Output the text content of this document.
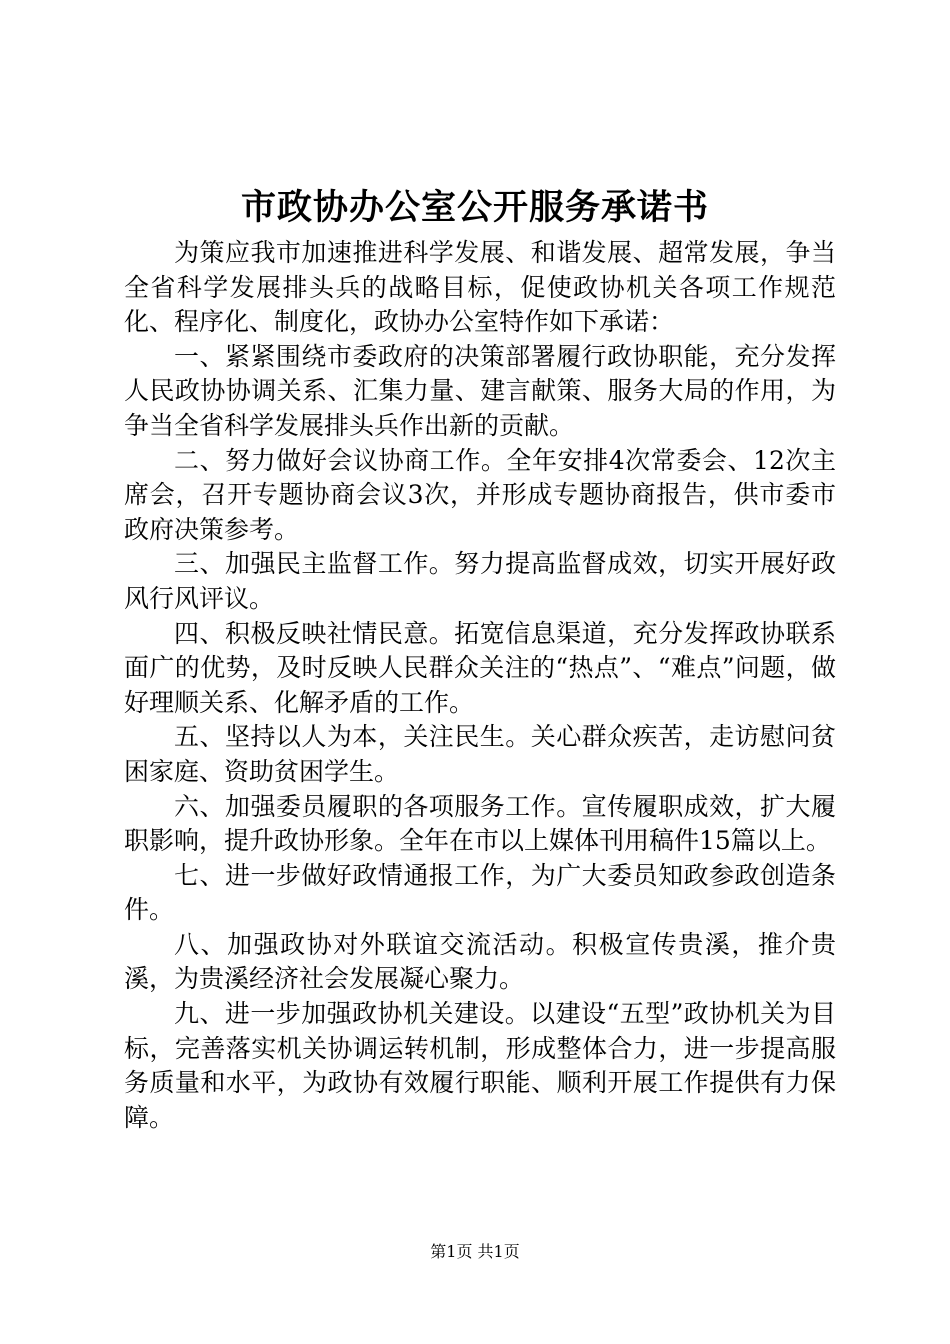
市政协办公室公开服务承诺书

为策应我市加速推进科学发展、和谐发展、超常发展，争当全省科学发展排头兵的战略目标，促使政协机关各项工作规范化、程序化、制度化，政协办公室特作如下承诺：

一、紧紧围绕市委政府的决策部署履行政协职能，充分发挥人民政协协调关系、汇集力量、建言献策、服务大局的作用，为争当全省科学发展排头兵作出新的贡献。

二、努力做好会议协商工作。全年安排4次常委会、12次主席会，召开专题协商会议3次，并形成专题协商报告，供市委市政府决策参考。

三、加强民主监督工作。努力提高监督成效，切实开展好政风行风评议。

四、积极反映社情民意。拓宽信息渠道，充分发挥政协联系面广的优势，及时反映人民群众关注的“热点”、“难点”问题，做好理顺关系、化解矛盾的工作。

五、坚持以人为本，关注民生。关心群众疾苦，走访慰问贫困家庭、资助贫困学生。

六、加强委员履职的各项服务工作。宣传履职成效，扩大履职影响，提升政协形象。全年在市以上媒体刊用稿件15篇以上。

七、进一步做好政情通报工作，为广大委员知政参政创造条件。

八、加强政协对外联谊交流活动。积极宣传贵溪，推介贵溪，为贵溪经济社会发展凝心聚力。

九、进一步加强政协机关建设。以建设“五型”政协机关为目标，完善落实机关协调运转机制，形成整体合力，进一步提高服务质量和水平，为政协有效履行职能、顺利开展工作提供有力保障。

第1页 共1页
